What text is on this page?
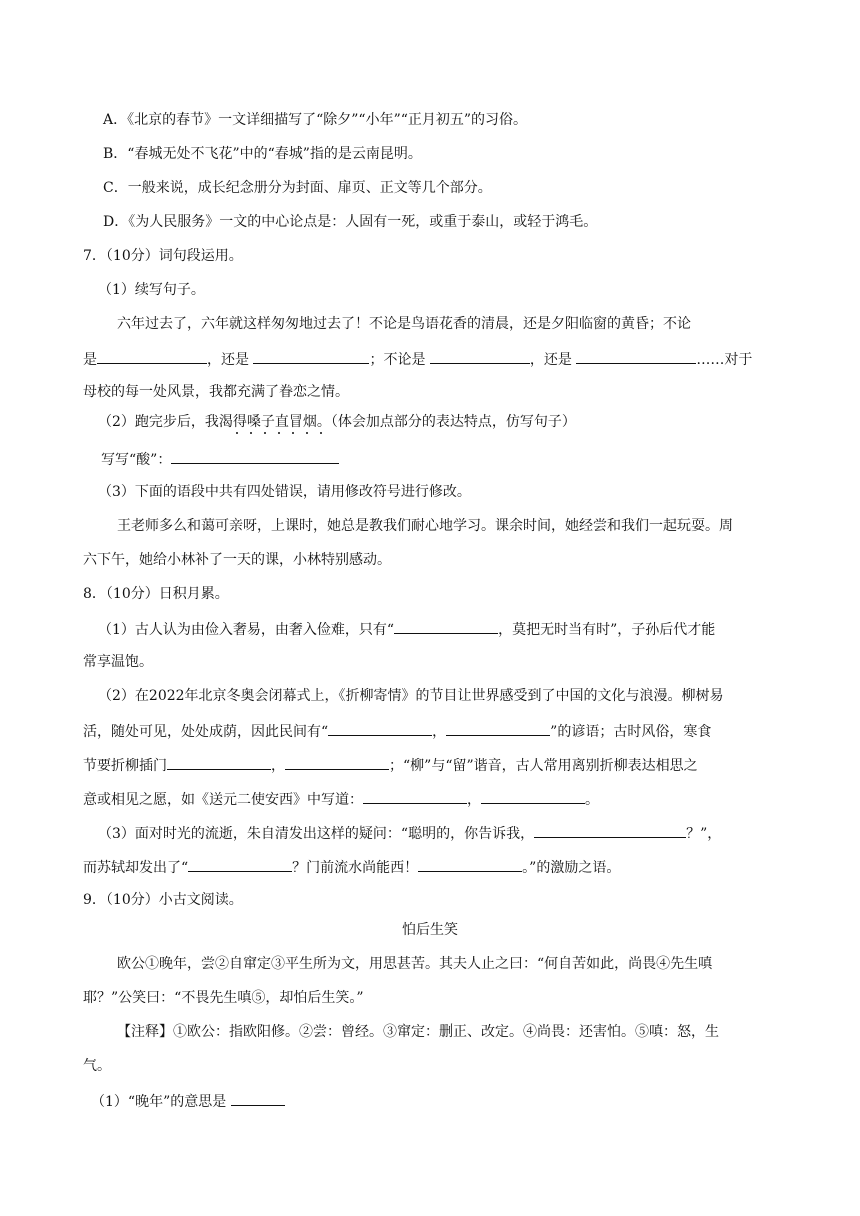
A．《北京的春节》一文详细描写了“除夕”“小年”“正月初五”的习俗。
B．“春城无处不飞花”中的“春城”指的是云南昆明。
C．一般来说，成长纪念册分为封面、扉页、正文等几个部分。
D．《为人民服务》一文的中心论点是：人固有一死，或重于泰山，或轻于鸿毛。
7．（10分）词句段运用。
（1）续写句子。
六年过去了，六年就这样匆匆地过去了！不论是鸟语花香的清晨，还是夕阳临窗的黄昏；不论
是	，还是	；不论是	，还是	……对于
母校的每一处风景，我都充满了眷恋之情。
（2）跑完步后，我渴得嗓子直冒烟。（体会加点部分的表达特点，仿写句子）
写写“酸”：
（3）下面的语段中共有四处错误，请用修改符号进行修改。
王老师多么和蔼可亲呀，上课时，她总是教我们耐心地学习。课余时间，她经尝和我们一起玩耍。周
六下午，她给小林补了一天的课，小林特别感动。
8．（10分）日积月累。
（1）古人认为由俭入奢易，由奢入俭难，只有“	，莫把无时当有时”，子孙后代才能
常享温饱。
（2）在2022年北京冬奥会闭幕式上，《折柳寄情》的节目让世界感受到了中国的文化与浪漫。柳树易
活，随处可见，处处成荫，因此民间有“	，	”的谚语；古时风俗，寒食
节要折柳插门	，	；“柳”与“留”谐音，古人常用离别折柳表达相思之
意或相见之愿，如《送元二使安西》中写道：	，	。
（3）面对时光的流逝，朱自清发出这样的疑问：“聪明的，你告诉我，	？”，
而苏轼却发出了“	？门前流水尚能西！	。”的激励之语。
9．（10分）小古文阅读。
怕后生笑
欧公①晚年，尝②自窜定③平生所为文，用思甚苦。其夫人止之曰：“何自苦如此，尚畏④先生嗔
耶？”公笑曰：“不畏先生嗔⑤，却怕后生笑。”
【注释】①欧公：指欧阳修。②尝：曾经。③窜定：删正、改定。④尚畏：还害怕。⑤嗔：怒，生
气。
（1）“晚年”的意思是
